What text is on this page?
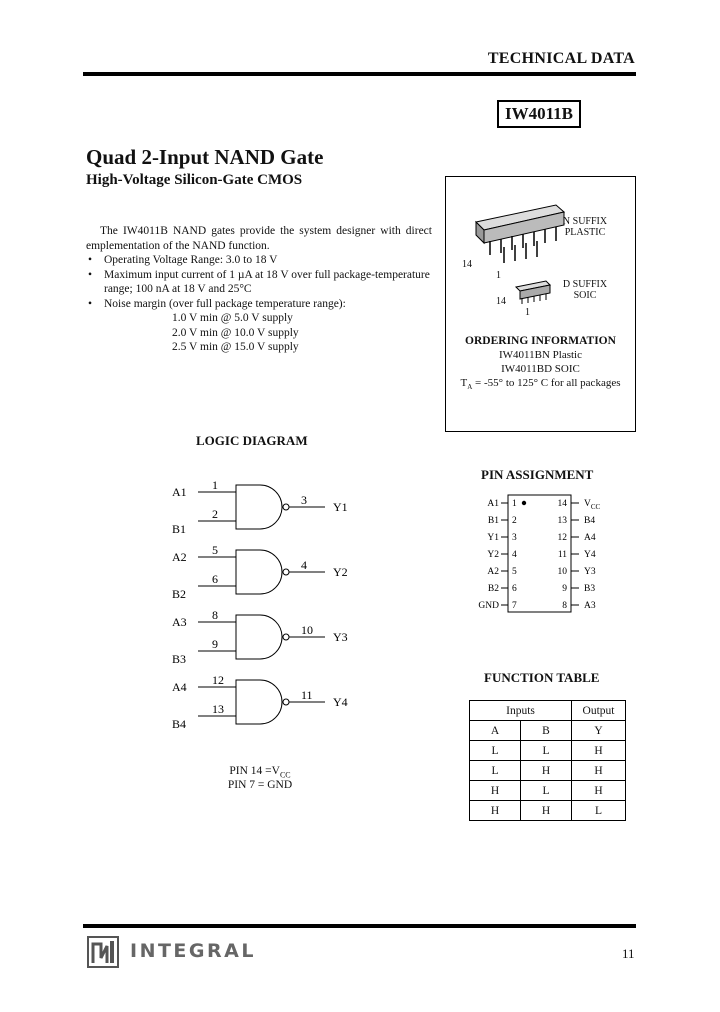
TECHNICAL DATA
IW4011B
Quad 2-Input NAND Gate
High-Voltage Silicon-Gate CMOS

The IW4011B NAND gates provide the system designer with direct emplementation of the NAND function.

• Operating Voltage Range: 3.0 to 18 V
• Maximum input current of 1 µA at 18 V over full package-temperature range; 100 nA at 18 V and 25°C
• Noise margin (over full package temperature range):
1.0 V min @ 5.0 V supply
2.0 V min @ 10.0 V supply
2.5 V min @ 15.0 V supply
N SUFFIX
PLASTIC
14
1
D SUFFIX
SOIC
14
1
ORDERING INFORMATION
IW4011BN Plastic
IW4011BD SOIC
$T_A = -55^\circ$ to 125° C for all packages
LOGIC DIAGRAM
A1
B1
1
2
3 Y1
A2
B2
5
6
4 Y2
A3
B3
8
9
10 Y3
A4
B4
12
13
11 Y4
PIN $14 =V_{CC}$
PIN 7 = GND
PIN ASSIGNMENT
A1 1	14 $V_{CC}$
B1 2	13 B4
Y1 3	12 A4
Y2 4	11 Y4
A2 5	10 Y3
B2 6	9 B3
GND 7	8 A3
FUNCTION TABLE
Inputs		Output
A	B	Y
L	L	H
L	H	H
H	L	H
H	H	L
INTEGRAL	11
